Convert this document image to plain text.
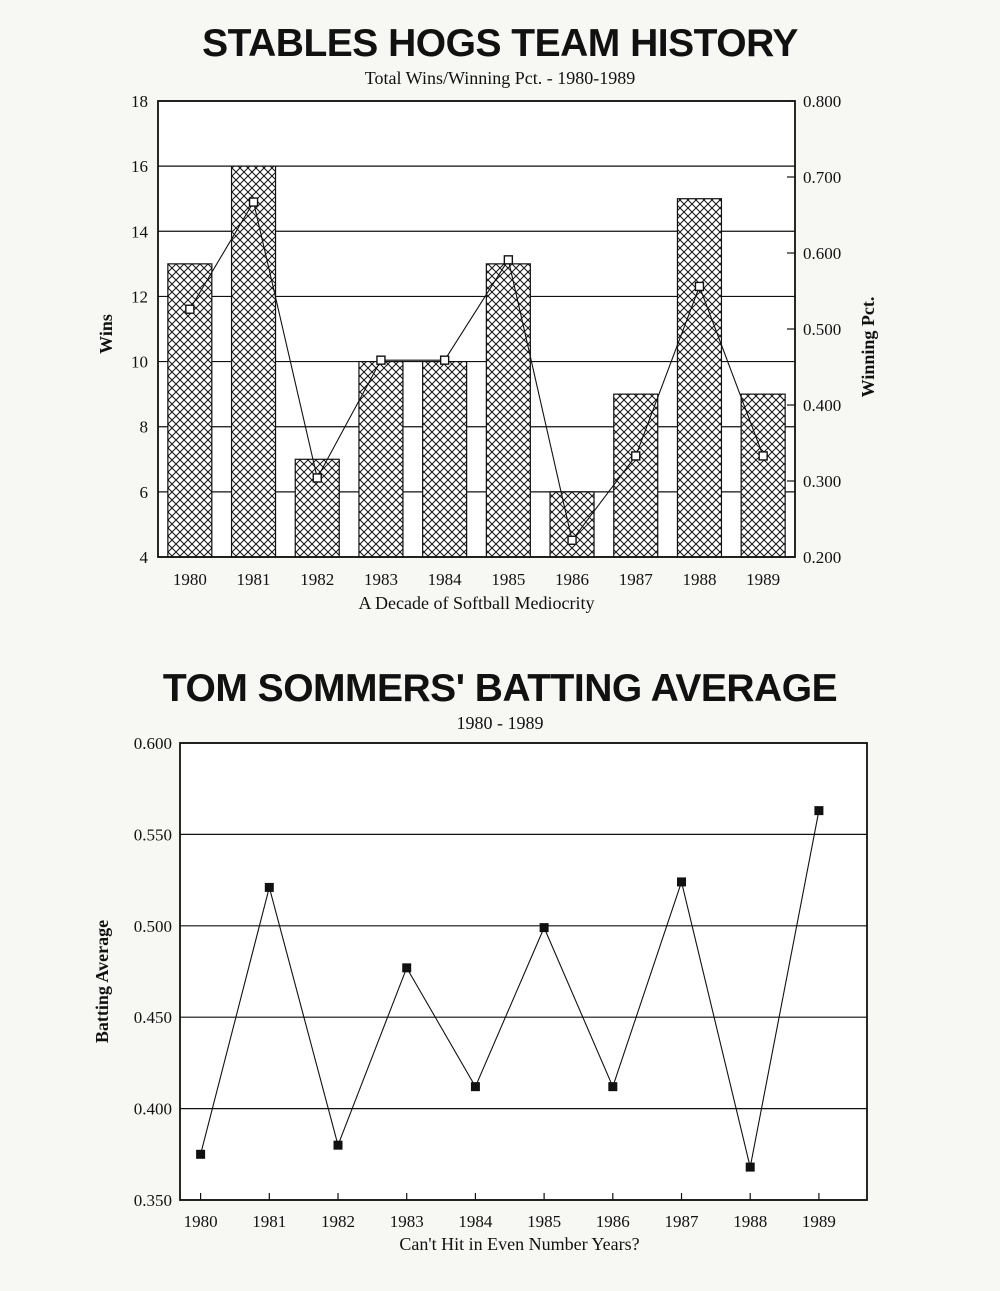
STABLES HOGS TEAM HISTORY
Total Wins/Winning Pct. - 1980-1989
TOM SOMMERS' BATTING AVERAGE
1980 - 1989
4
6
8
10
12
14
16
18
0.200
0.300
0.400
0.500
0.600
0.700
0.800
1980 1981 1982 1983 1984 1985 1986 1987 1988 1989
A Decade of Softball Mediocrity
Wins	Winning Pct.
0.350
0.400
0.450
0.500
0.550
0.600
1980 1981 1982 1983 1984 1985 1986 1987 1988 1989
Can't Hit in Even Number Years?
Batting Average
